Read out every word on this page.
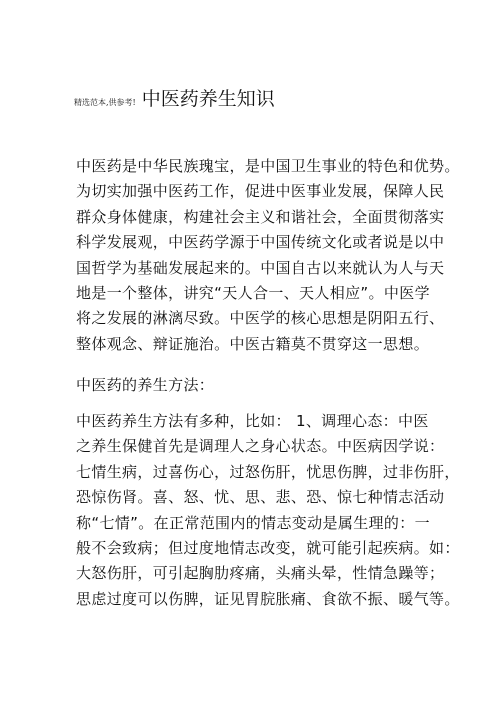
精选范本,供参考! 中医药养生知识
中医药是中华民族瑰宝，是中国卫生事业的特色和优势。
为切实加强中医药工作，促进中医事业发展，保障人民
群众身体健康，构建社会主义和谐社会，全面贯彻落实
科学发展观，中医药学源于中国传统文化或者说是以中
国哲学为基础发展起来的。中国自古以来就认为人与天
地是一个整体，讲究“天人合一、天人相应”。中医学
将之发展的淋漓尽致。中医学的核心思想是阴阳五行、
整体观念、辩证施治。中医古籍莫不贯穿这一思想。
中医药的养生方法：
中医药养生方法有多种，比如： 1、调理心态：中医
之养生保健首先是调理人之身心状态。中医病因学说：
七情生病，过喜伤心，过怒伤肝，忧思伤脾，过非伤肝，
恐惊伤肾。喜、怒、忧、思、悲、恐、惊七种情志活动
称“七情”。在正常范围内的情志变动是属生理的：一
般不会致病；但过度地情志改变，就可能引起疾病。如：
大怒伤肝，可引起胸肋疼痛，头痛头晕，性情急躁等；
思虑过度可以伤脾，证见胃脘胀痛、食欲不振、暖气等。
